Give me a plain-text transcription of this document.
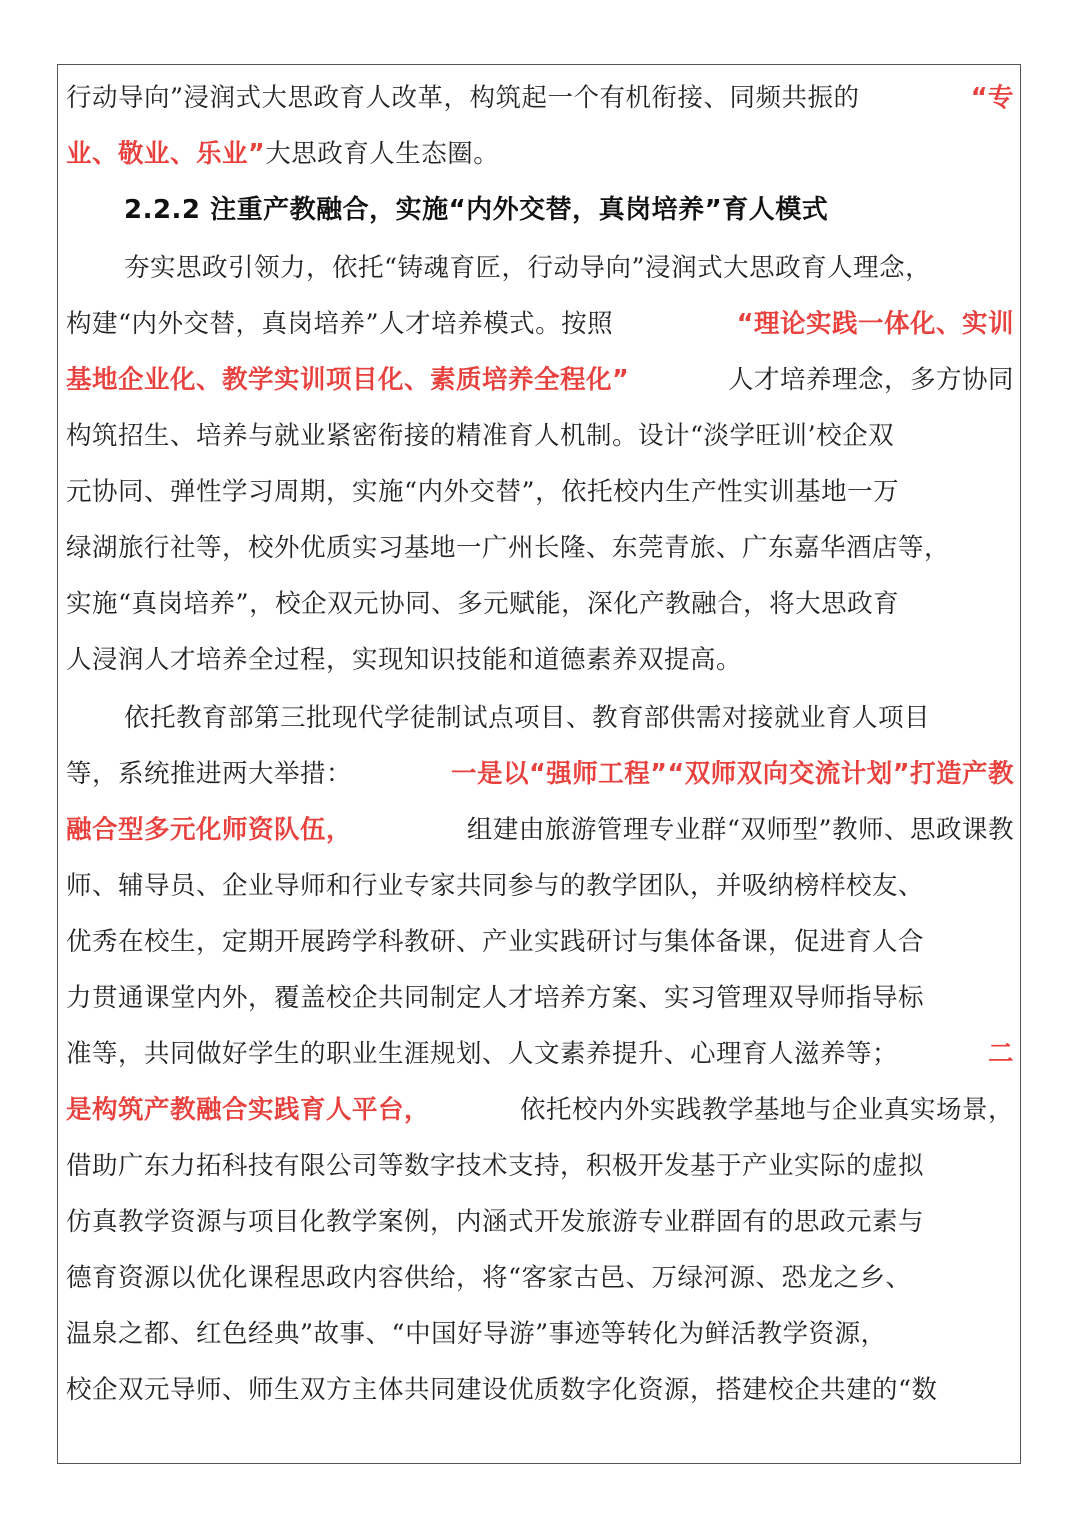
行动导向”浸润式大思政育人改革，构筑起一个有机衔接、同频共振的	“专
业、敬业、乐业”大思政育人生态圈。
2.2.2 注重产教融合，实施“内外交替，真岗培养”育人模式
夯实思政引领力，依托“铸魂育匠，行动导向”浸润式大思政育人理念，
构建“内外交替，真岗培养”人才培养模式。按照	“理论实践一体化、实训
基地企业化、教学实训项目化、素质培养全程化”	人才培养理念，多方协同
构筑招生、培养与就业紧密衔接的精准育人机制。设计“淡学旺训’校企双
元协同、弹性学习周期，实施“内外交替”，依托校内生产性实训基地一万
绿湖旅行社等，校外优质实习基地一广州长隆、东莞青旅、广东嘉华酒店等，
实施“真岗培养”，校企双元协同、多元赋能，深化产教融合，将大思政育
人浸润人才培养全过程，实现知识技能和道德素养双提高。
依托教育部第三批现代学徒制试点项目、教育部供需对接就业育人项目
等，系统推进两大举措：	一是以“强师工程”“双师双向交流计划”打造产教
融合型多元化师资队伍，	组建由旅游管理专业群“双师型”教师、思政课教
师、辅导员、企业导师和行业专家共同参与的教学团队，并吸纳榜样校友、
优秀在校生，定期开展跨学科教研、产业实践研讨与集体备课，促进育人合
力贯通课堂内外，覆盖校企共同制定人才培养方案、实习管理双导师指导标
准等，共同做好学生的职业生涯规划、人文素养提升、心理育人滋养等；	二
是构筑产教融合实践育人平台，	依托校内外实践教学基地与企业真实场景，
借助广东力拓科技有限公司等数字技术支持，积极开发基于产业实际的虚拟
仿真教学资源与项目化教学案例，内涵式开发旅游专业群固有的思政元素与
德育资源以优化课程思政内容供给，将“客家古邑、万绿河源、恐龙之乡、
温泉之都、红色经典”故事、“中国好导游”事迹等转化为鲜活教学资源，
校企双元导师、师生双方主体共同建设优质数字化资源，搭建校企共建的“数
